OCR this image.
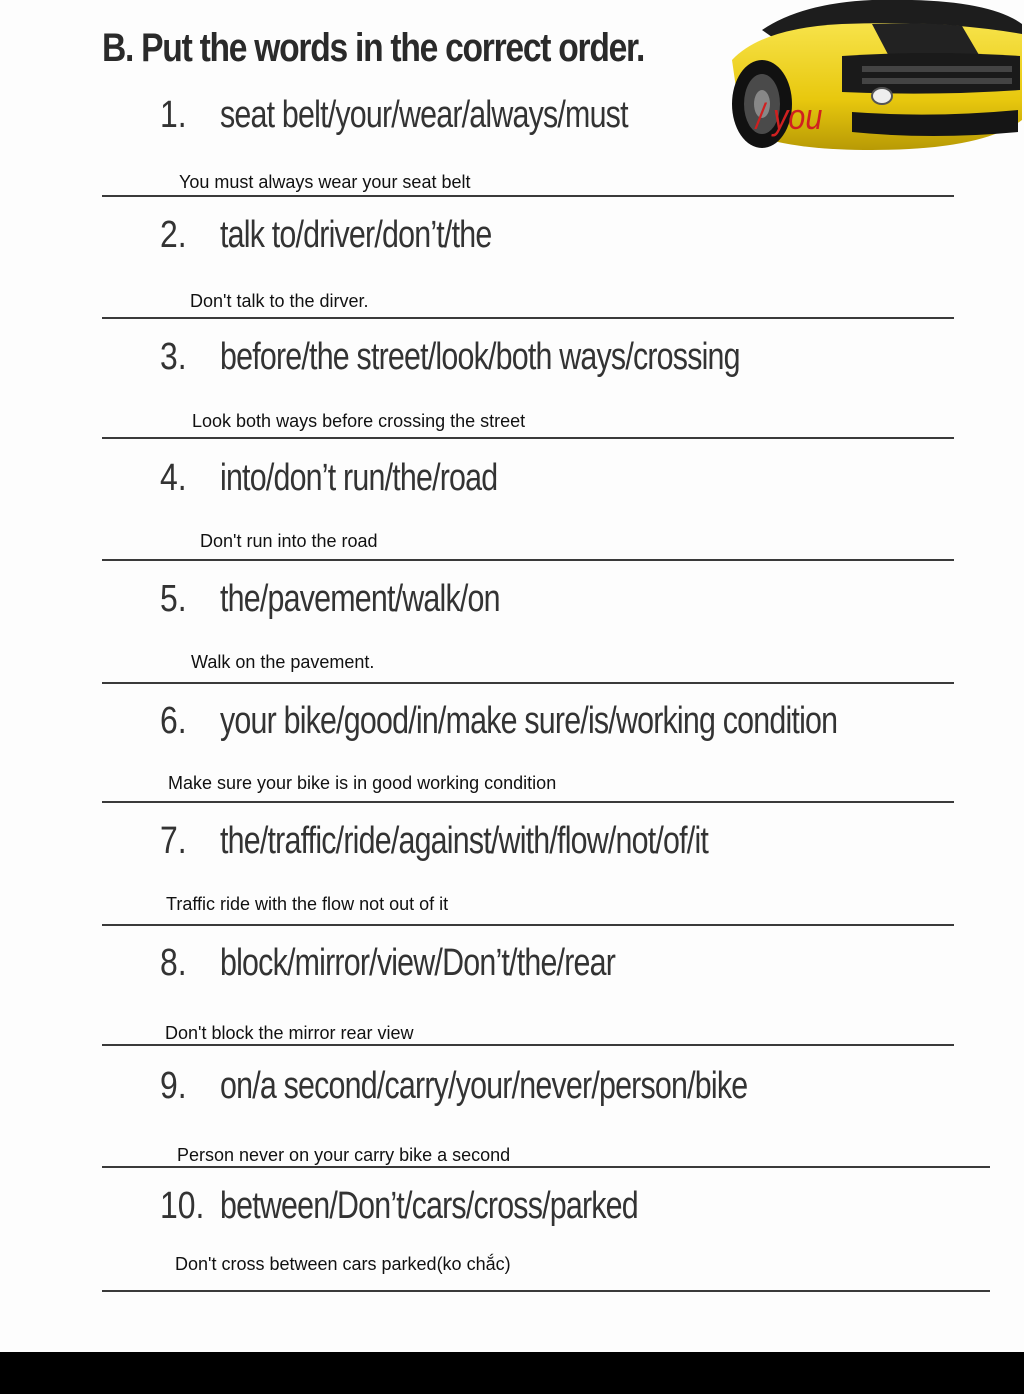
/ you
B. Put the words in the correct order.
1. seat belt/your/wear/always/must
You must always wear your seat belt
2. talk to/driver/don’t/the
Don't talk to the dirver.
3. before/the street/look/both ways/crossing
Look both ways before crossing the street
4. into/don’t run/the/road
Don't run into the road
5. the/pavement/walk/on
Walk on the pavement.
6. your bike/good/in/make sure/is/working condition
Make sure your bike is in good working condition
7. the/traffic/ride/against/with/flow/not/of/it
Traffic ride with the flow not out of it
8. block/mirror/view/Don’t/the/rear
Don't block the mirror rear view
9. on/a second/carry/your/never/person/bike
Person never on your carry bike a second
10. between/Don’t/cars/cross/parked
Don't cross between cars parked(ko chắc)
